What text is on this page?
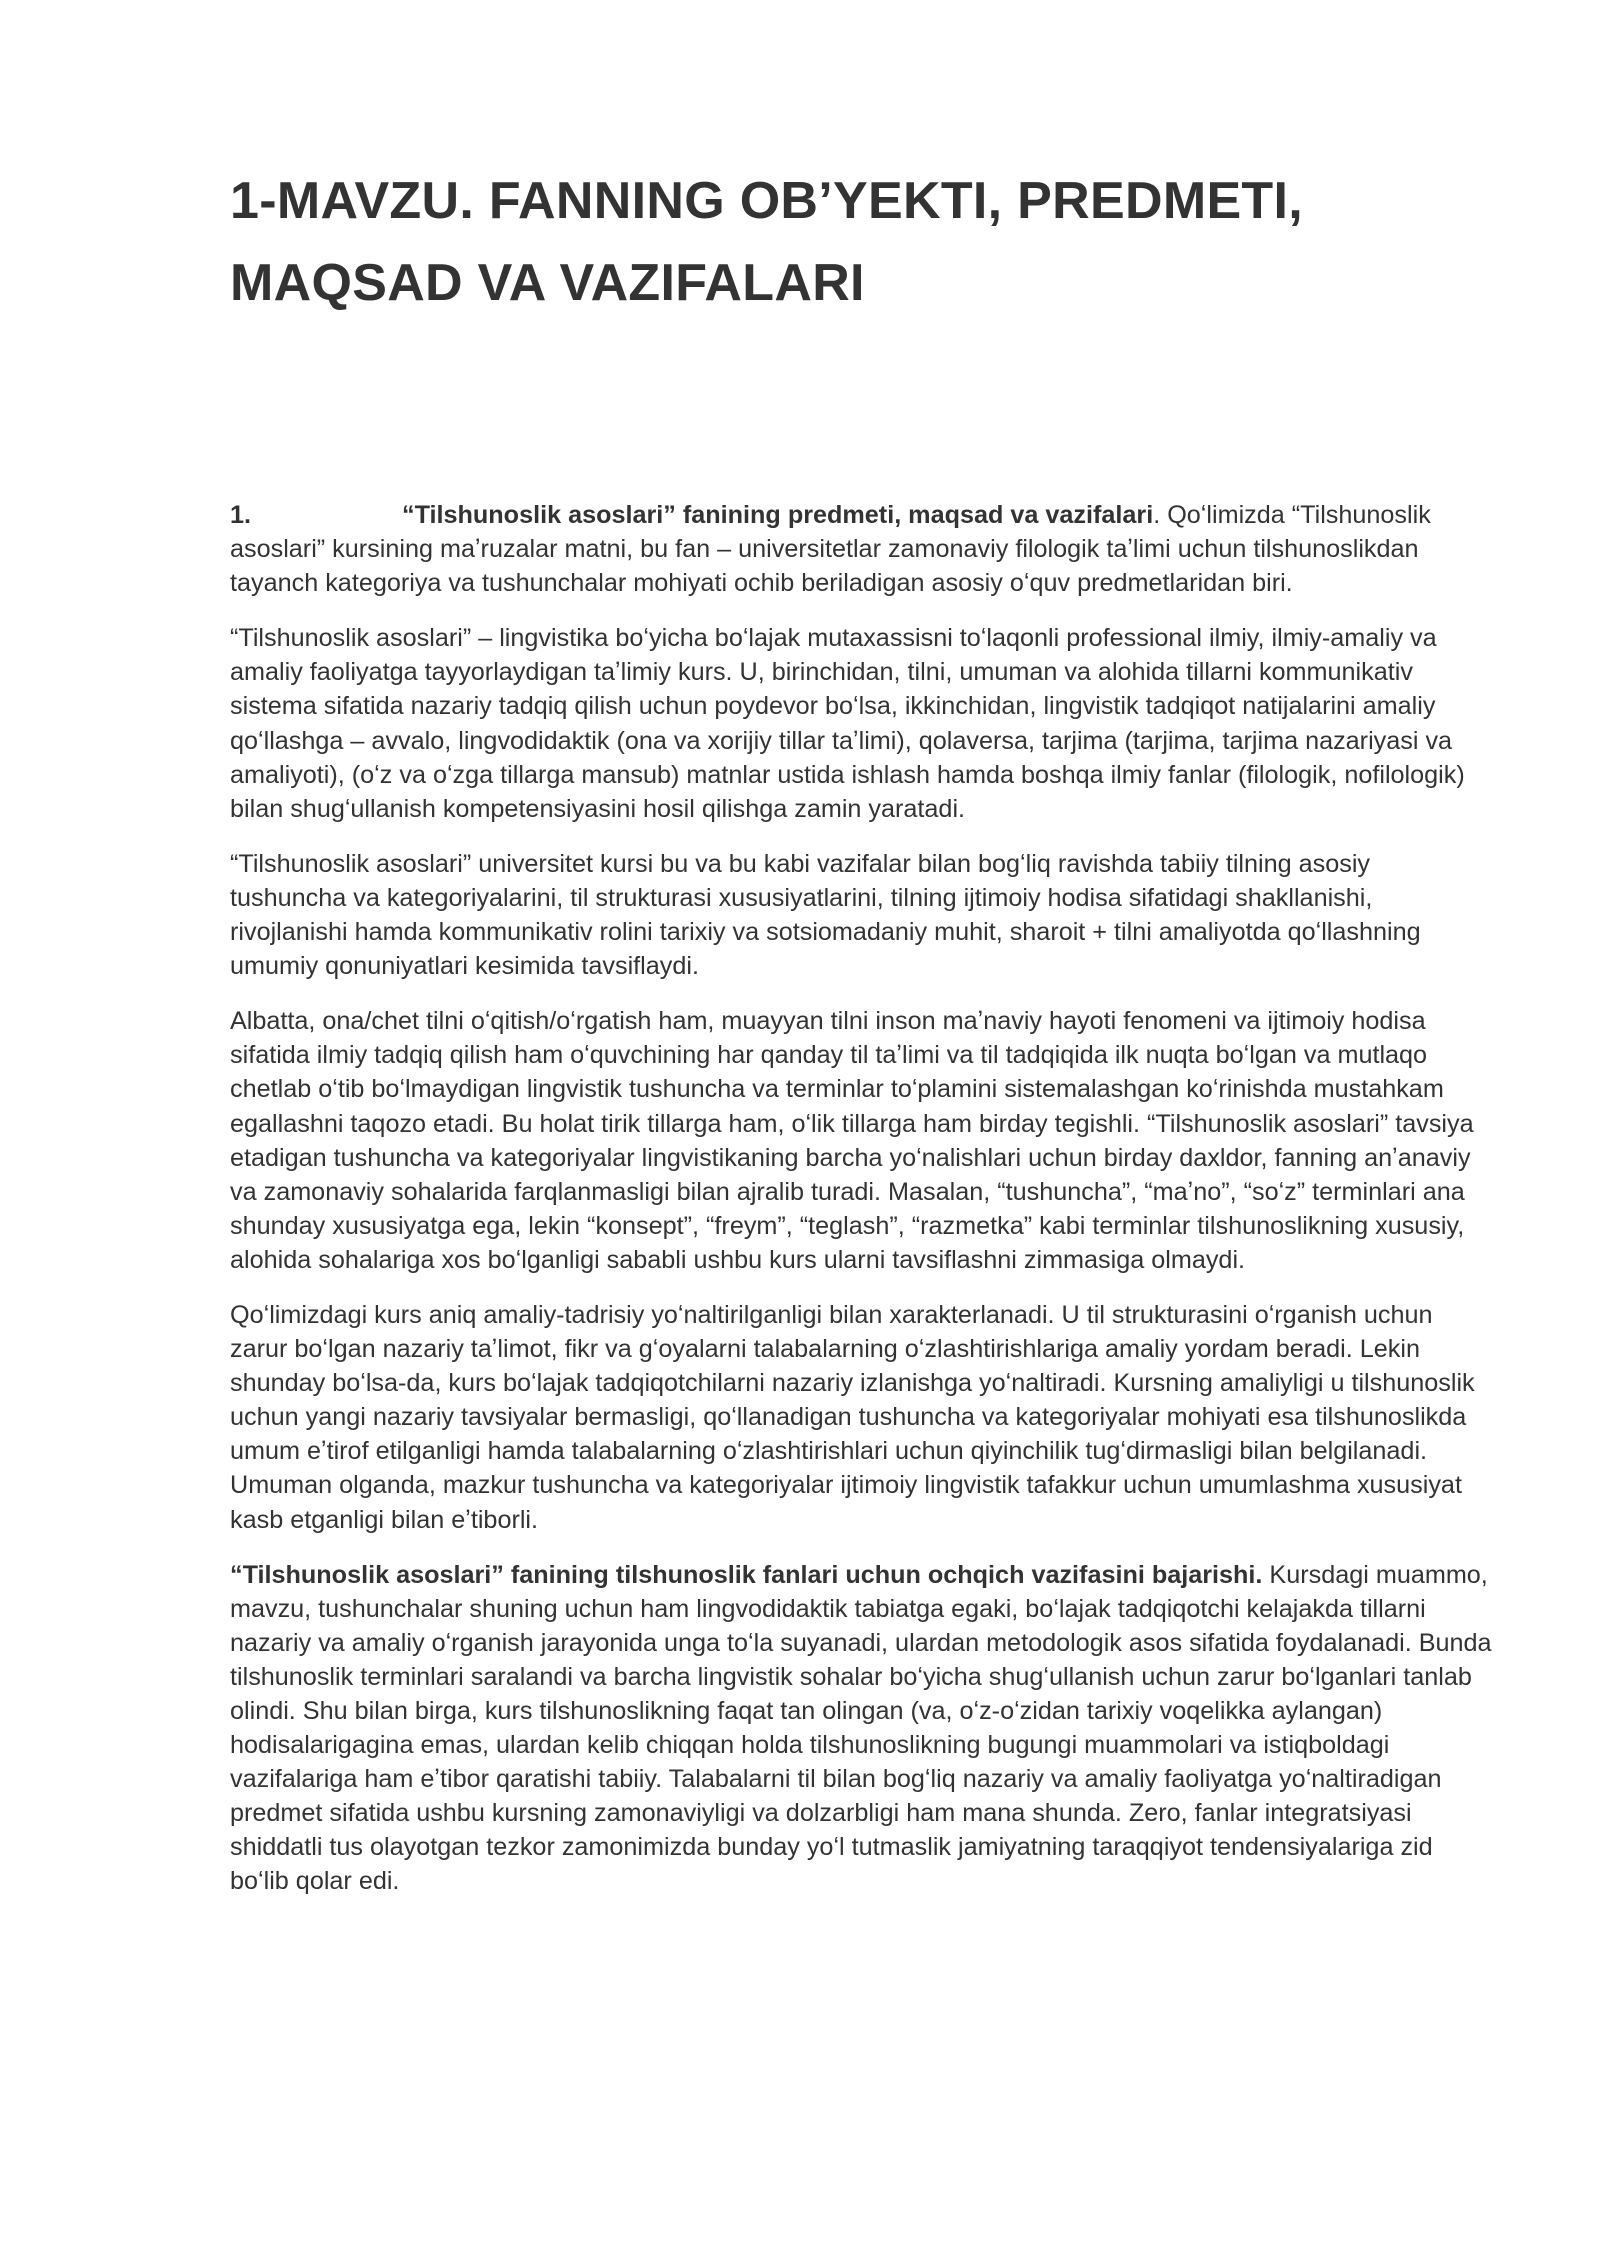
1-MAVZU. FANNING OB’YEKTI, PREDMETI,
MAQSAD VA VAZIFALARI

1.	“Tilshunoslik asoslari” fanining predmeti, maqsad va vazifalari. Qoʻlimizda “Tilshunoslik asoslari” kursining maʼruzalar matni, bu fan – universitetlar zamonaviy filologik taʼlimi uchun tilshunoslikdan tayanch kategoriya va tushunchalar mohiyati ochib beriladigan asosiy oʻquv predmetlaridan biri.

“Tilshunoslik asoslari” – lingvistika boʻyicha boʻlajak mutaxassisni toʻlaqonli professional ilmiy, ilmiy-amaliy va amaliy faoliyatga tayyorlaydigan taʼlimiy kurs. U, birinchidan, tilni, umuman va alohida tillarni kommunikativ sistema sifatida nazariy tadqiq qilish uchun poydevor boʻlsa, ikkinchidan, lingvistik tadqiqot natijalarini amaliy qoʻllashga – avvalo, lingvodidaktik (ona va xorijiy tillar taʼlimi), qolaversa, tarjima (tarjima, tarjima nazariyasi va amaliyoti), (oʻz va oʻzga tillarga mansub) matnlar ustida ishlash hamda boshqa ilmiy fanlar (filologik, nofilologik) bilan shugʻullanish kompetensiyasini hosil qilishga zamin yaratadi.

“Tilshunoslik asoslari” universitet kursi bu va bu kabi vazifalar bilan bogʻliq ravishda tabiiy tilning asosiy tushuncha va kategoriyalarini, til strukturasi xususiyatlarini, tilning ijtimoiy hodisa sifatidagi shakllanishi, rivojlanishi hamda kommunikativ rolini tarixiy va sotsiomadaniy muhit, sharoit + tilni amaliyotda qoʻllashning umumiy qonuniyatlari kesimida tavsiflaydi.

Albatta, ona/chet tilni oʻqitish/oʻrgatish ham, muayyan tilni inson maʼnaviy hayoti fenomeni va ijtimoiy hodisa sifatida ilmiy tadqiq qilish ham oʻquvchining har qanday til taʼlimi va til tadqiqida ilk nuqta boʻlgan va mutlaqo chetlab oʻtib boʻlmaydigan lingvistik tushuncha va terminlar toʻplamini sistemalashgan koʻrinishda mustahkam egallashni taqozo etadi. Bu holat tirik tillarga ham, oʻlik tillarga ham birday tegishli. “Tilshunoslik asoslari” tavsiya etadigan tushuncha va kategoriyalar lingvistikaning barcha yoʻnalishlari uchun birday daxldor, fanning anʼanaviy va zamonaviy sohalarida farqlanmasligi bilan ajralib turadi. Masalan, “tushuncha”, “maʼno”, “soʻz” terminlari ana shunday xususiyatga ega, lekin “konsept”, “freym”, “teglash”, “razmetka” kabi terminlar tilshunoslikning xususiy, alohida sohalariga xos boʻlganligi sababli ushbu kurs ularni tavsiflashni zimmasiga olmaydi.

Qoʻlimizdagi kurs aniq amaliy-tadrisiy yoʻnaltirilganligi bilan xarakterlanadi. U til strukturasini oʻrganish uchun zarur boʻlgan nazariy taʼlimot, fikr va gʻoyalarni talabalarning oʻzlashtirishlariga amaliy yordam beradi. Lekin shunday boʻlsa-da, kurs boʻlajak tadqiqotchilarni nazariy izlanishga yoʻnaltiradi. Kursning amaliyligi u tilshunoslik uchun yangi nazariy tavsiyalar bermasligi, qoʻllanadigan tushuncha va kategoriyalar mohiyati esa tilshunoslikda umum eʼtirof etilganligi hamda talabalarning oʻzlashtirishlari uchun qiyinchilik tugʻdirmasligi bilan belgilanadi. Umuman olganda, mazkur tushuncha va kategoriyalar ijtimoiy lingvistik tafakkur uchun umumlashma xususiyat kasb etganligi bilan eʼtiborli.

“Tilshunoslik asoslari” fanining tilshunoslik fanlari uchun ochqich vazifasini bajarishi. Kursdagi muammo, mavzu, tushunchalar shuning uchun ham lingvodidaktik tabiatga egaki, boʻlajak tadqiqotchi kelajakda tillarni nazariy va amaliy oʻrganish jarayonida unga toʻla suyanadi, ulardan metodologik asos sifatida foydalanadi. Bunda tilshunoslik terminlari saralandi va barcha lingvistik sohalar boʻyicha shugʻullanish uchun zarur boʻlganlari tanlab olindi. Shu bilan birga, kurs tilshunoslikning faqat tan olingan (va, oʻz-oʻzidan tarixiy voqelikka aylangan) hodisalarigagina emas, ulardan kelib chiqqan holda tilshunoslikning bugungi muammolari va istiqboldagi vazifalariga ham eʼtibor qaratishi tabiiy. Talabalarni til bilan bogʻliq nazariy va amaliy faoliyatga yoʻnaltiradigan predmet sifatida ushbu kursning zamonaviyligi va dolzarbligi ham mana shunda. Zero, fanlar integratsiyasi shiddatli tus olayotgan tezkor zamonimizda bunday yoʻl tutmaslik jamiyatning taraqqiyot tendensiyalariga zid boʻlib qolar edi.
